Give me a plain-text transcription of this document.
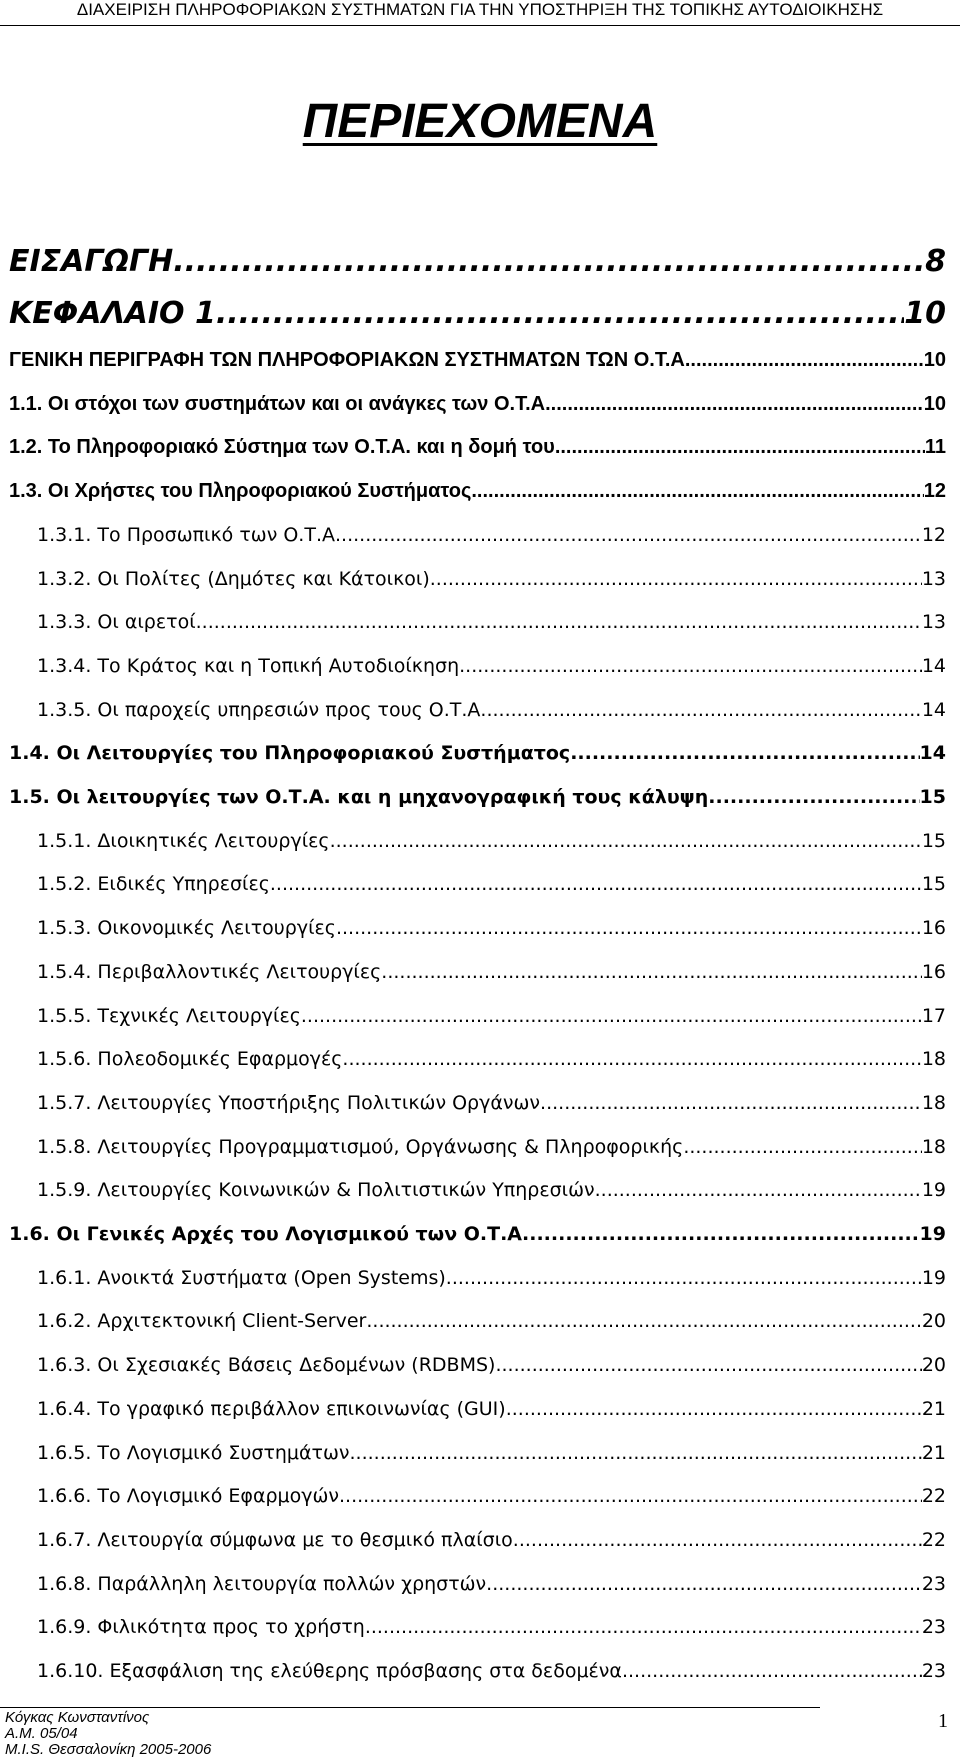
ΔΙΑΧΕΙΡΙΣΗ ΠΛΗΡΟΦΟΡΙΑΚΩΝ ΣΥΣΤΗΜΑΤΩΝ ΓΙΑ ΤΗΝ ΥΠΟΣΤΗΡΙΞΗ ΤΗΣ ΤΟΠΙΚΗΣ ΑΥΤΟΔΙΟΙΚΗΣΗΣ
ΠΕΡΙΕΧΟΜΕΝΑ
ΕΙΣΑΓΩΓΗ .....	8
ΚΕΦΑΛΑΙΟ 1 .....	10
ΓΕΝΙΚΗ ΠΕΡΙΓΡΑΦΗ ΤΩΝ ΠΛΗΡΟΦΟΡΙΑΚΩΝ ΣΥΣΤΗΜΑΤΩΝ ΤΩΝ Ο.Τ.Α. .....	10
1.1. Οι στόχοι των συστημάτων και οι ανάγκες των Ο.Τ.Α. .....	10
1.2. Το Πληροφοριακό Σύστημα των Ο.Τ.Α. και η δομή του .....	11
1.3. Οι Χρήστες του Πληροφοριακού Συστήματος .....	12
1.3.1. Το Προσωπικό των Ο.Τ.Α. .....	12
1.3.2. Οι Πολίτες (Δημότες και Κάτοικοι) .....	13
1.3.3. Οι αιρετοί .....	13
1.3.4. Το Κράτος και η Τοπική Αυτοδιοίκηση .....	14
1.3.5. Οι παροχείς υπηρεσιών προς τους Ο.Τ.Α. .....	14
1.4. Οι Λειτουργίες του Πληροφοριακού Συστήματος .....	14
1.5. Οι λειτουργίες των Ο.Τ.Α. και η μηχανογραφική τους κάλυψη .....	15
1.5.1. Διοικητικές Λειτουργίες .....	15
1.5.2. Ειδικές Υπηρεσίες .....	15
1.5.3. Οικονομικές Λειτουργίες .....	16
1.5.4. Περιβαλλοντικές Λειτουργίες .....	16
1.5.5. Τεχνικές Λειτουργίες .....	17
1.5.6. Πολεοδομικές Εφαρμογές .....	18
1.5.7. Λειτουργίες Υποστήριξης Πολιτικών Οργάνων .....	18
1.5.8. Λειτουργίες Προγραμματισμού, Οργάνωσης & Πληροφορικής .....	18
1.5.9. Λειτουργίες Κοινωνικών & Πολιτιστικών Υπηρεσιών .....	19
1.6. Οι Γενικές Αρχές του Λογισμικού των Ο.Τ.Α. .....	19
1.6.1. Ανοικτά Συστήματα (Open Systems) .....	19
1.6.2. Αρχιτεκτονική Client-Server .....	20
1.6.3. Οι Σχεσιακές Βάσεις Δεδομένων (RDBMS) .....	20
1.6.4. Το γραφικό περιβάλλον επικοινωνίας (GUI) .....	21
1.6.5. Το Λογισμικό Συστημάτων .....	21
1.6.6. Το Λογισμικό Εφαρμογών .....	22
1.6.7. Λειτουργία σύμφωνα με το θεσμικό πλαίσιο .....	22
1.6.8. Παράλληλη λειτουργία πολλών χρηστών .....	23
1.6.9. Φιλικότητα προς το χρήστη .....	23
1.6.10. Εξασφάλιση της ελεύθερης πρόσβασης στα δεδομένα .....	23
Κόγκας Κωνσταντίνος
Α.Μ. 05/04
Μ.Ι.S. Θεσσαλονίκη 2005-2006
1
